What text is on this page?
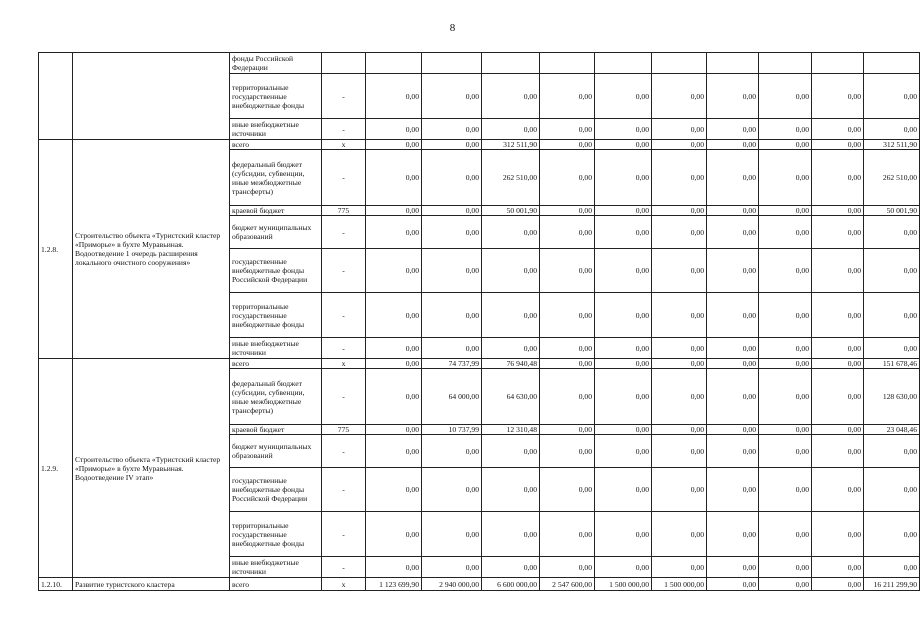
8
		фонды Российской Федерации											
		территориальные государственные внебюджетные фонды	-	0,00	0,00	0,00	0,00	0,00	0,00	0,00	0,00	0,00	0,00
		иные внебюджетные источники	-	0,00	0,00	0,00	0,00	0,00	0,00	0,00	0,00	0,00	0,00
1.2.8.	Строительство объекта «Туристский кластер «Приморье» в бухте Муравьиная. Водоотведение 1 очередь расширения локального очистного сооружения»	всего	х	0,00	0,00	312 511,90	0,00	0,00	0,00	0,00	0,00	0,00	312 511,90
		федеральный бюджет (субсидии, субвенции, иные межбюджетные трансферты)	-	0,00	0,00	262 510,00	0,00	0,00	0,00	0,00	0,00	0,00	262 510,00
		краевой бюджет	775	0,00	0,00	50 001,90	0,00	0,00	0,00	0,00	0,00	0,00	50 001,90
		бюджет муниципальных образований	-	0,00	0,00	0,00	0,00	0,00	0,00	0,00	0,00	0,00	0,00
		государственные внебюджетные фонды Российской Федерации	-	0,00	0,00	0,00	0,00	0,00	0,00	0,00	0,00	0,00	0,00
		территориальные государственные внебюджетные фонды	-	0,00	0,00	0,00	0,00	0,00	0,00	0,00	0,00	0,00	0,00
		иные внебюджетные источники	-	0,00	0,00	0,00	0,00	0,00	0,00	0,00	0,00	0,00	0,00
1.2.9.	Строительство объекта «Туристский кластер «Приморье» в бухте Муравьиная. Водоотведение IV этап»	всего	х	0,00	74 737,99	76 940,48	0,00	0,00	0,00	0,00	0,00	0,00	151 678,46
		федеральный бюджет (субсидии, субвенции, иные межбюджетные трансферты)	-	0,00	64 000,00	64 630,00	0,00	0,00	0,00	0,00	0,00	0,00	128 630,00
		краевой бюджет	775	0,00	10 737,99	12 310,48	0,00	0,00	0,00	0,00	0,00	0,00	23 048,46
		бюджет муниципальных образований	-	0,00	0,00	0,00	0,00	0,00	0,00	0,00	0,00	0,00	0,00
		государственные внебюджетные фонды Российской Федерации	-	0,00	0,00	0,00	0,00	0,00	0,00	0,00	0,00	0,00	0,00
		территориальные государственные внебюджетные фонды	-	0,00	0,00	0,00	0,00	0,00	0,00	0,00	0,00	0,00	0,00
		иные внебюджетные источники	-	0,00	0,00	0,00	0,00	0,00	0,00	0,00	0,00	0,00	0,00
1.2.10.	Развитие туристского кластера	всего	х	1 123 699,90	2 940 000,00	6 600 000,00	2 547 600,00	1 500 000,00	1 500 000,00	0,00	0,00	0,00	16 211 299,90
